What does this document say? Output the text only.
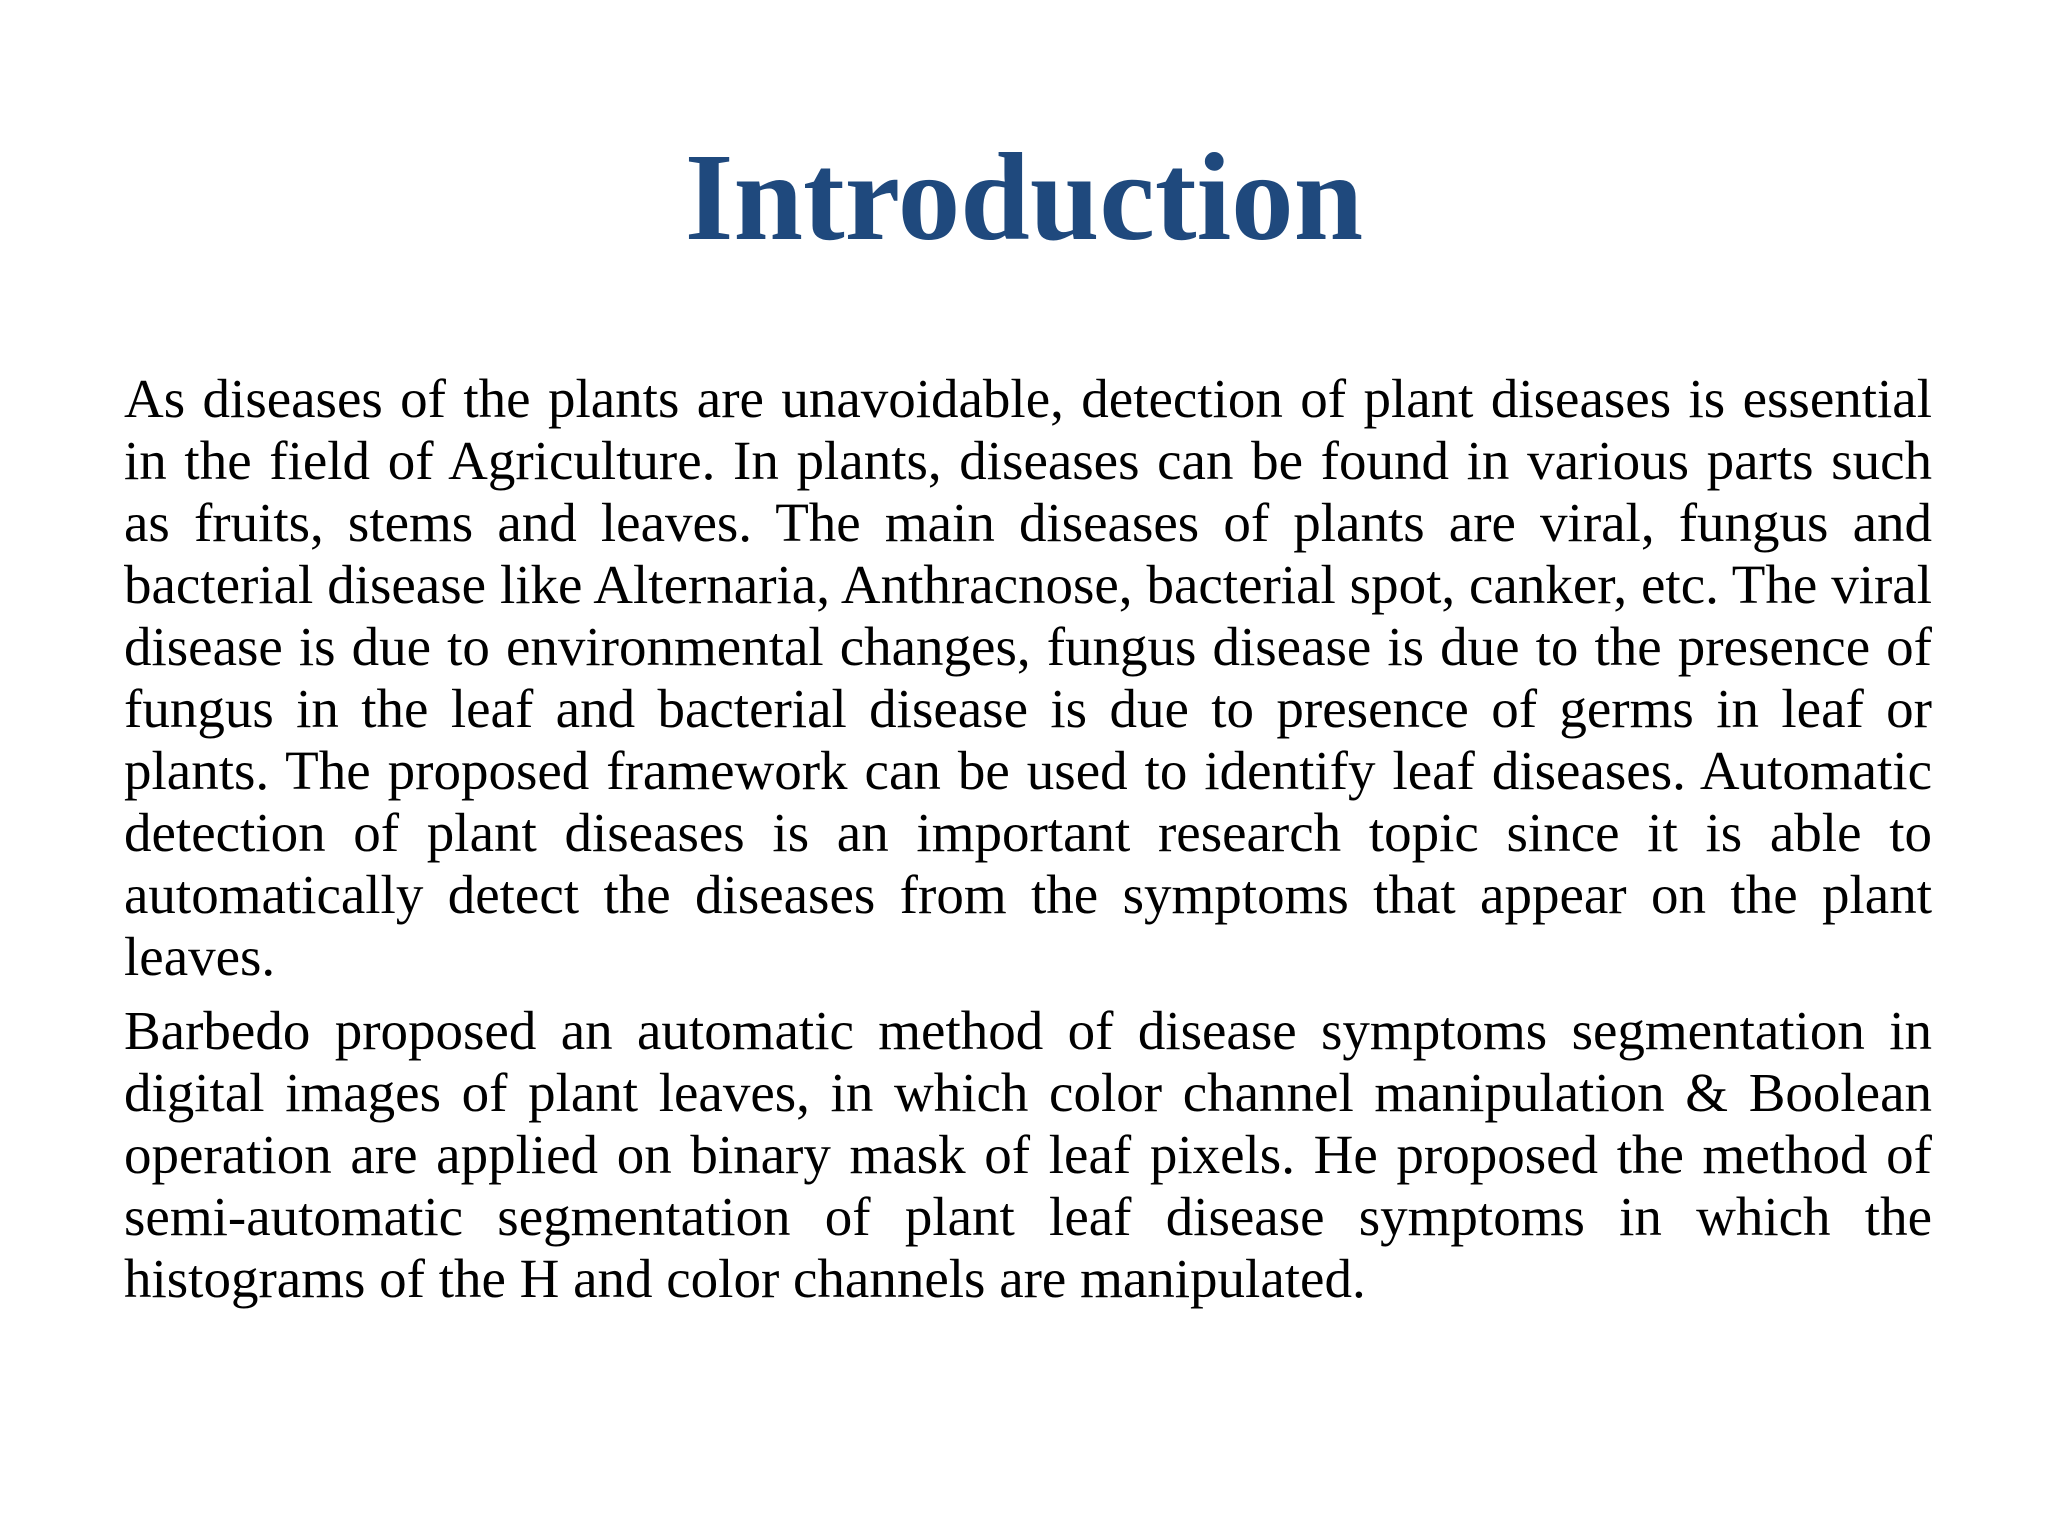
Introduction

As diseases of the plants are unavoidable, detection of plant diseases is essential in the field of Agriculture. In plants, diseases can be found in various parts such as fruits, stems and leaves. The main diseases of plants are viral, fungus and bacterial disease like Alternaria, Anthracnose, bacterial spot, canker, etc. The viral disease is due to environmental changes, fungus disease is due to the presence of fungus in the leaf and bacterial disease is due to presence of germs in leaf or plants. The proposed framework can be used to identify leaf diseases. Automatic detection of plant diseases is an important research topic since it is able to automatically detect the diseases from the symptoms that appear on the plant leaves.

Barbedo proposed an automatic method of disease symptoms segmentation in digital images of plant leaves, in which color channel manipulation & Boolean operation are applied on binary mask of leaf pixels. He proposed the method of semi-automatic segmentation of plant leaf disease symptoms in which the histograms of the H and color channels are manipulated.
